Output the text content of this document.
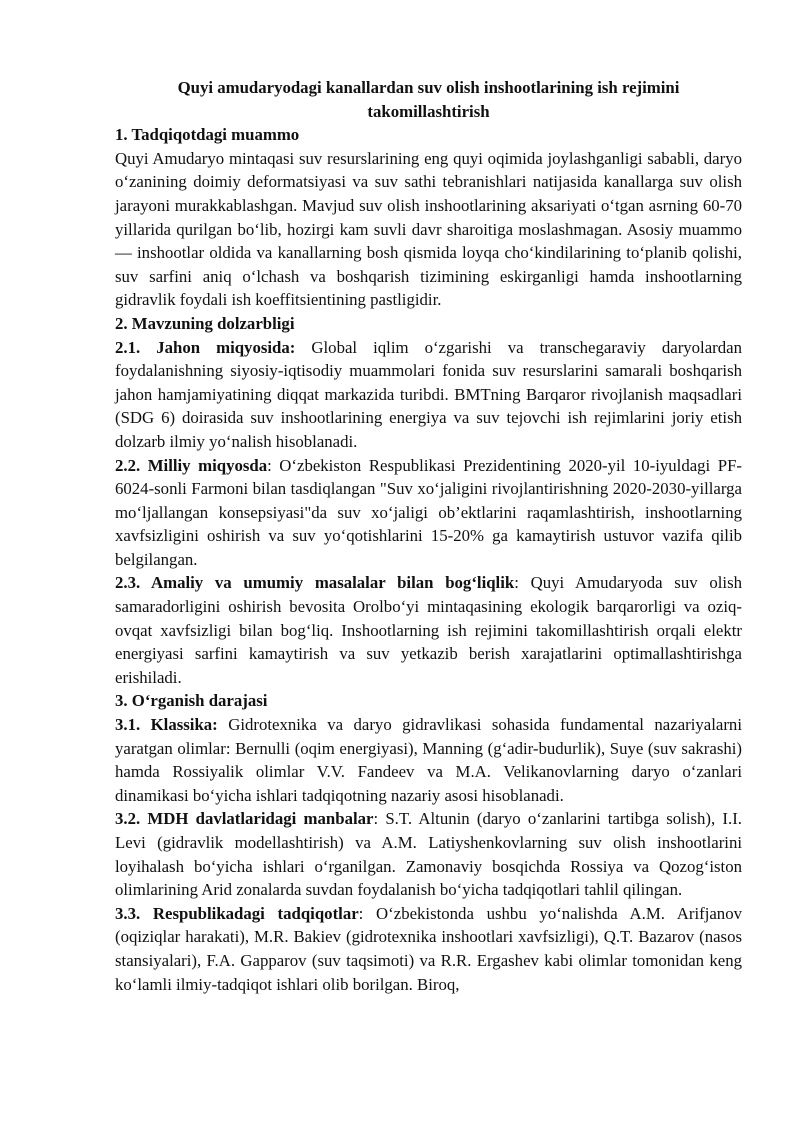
Quyi amudaryodagi kanallardan suv olish inshootlarining ish rejimini
takomillashtirish
1. Tadqiqotdagi muammo

Quyi Amudaryo mintaqasi suv resurslarining eng quyi oqimida joylashganligi sababli, daryo o‘zanining doimiy deformatsiyasi va suv sathi tebranishlari natijasida kanallarga suv olish jarayoni murakkablashgan. Mavjud suv olish inshootlarining aksariyati o‘tgan asrning 60-70 yillarida qurilgan bo‘lib, hozirgi kam suvli davr sharoitiga moslashmagan. Asosiy muammo — inshootlar oldida va kanallarning bosh qismida loyqa cho‘kindilarining to‘planib qolishi, suv sarfini aniq o‘lchash va boshqarish tizimining eskirganligi hamda inshootlarning gidravlik foydali ish koeffitsientining pastligidir.

2. Mavzuning dolzarbligi

2.1. Jahon miqyosida: Global iqlim o‘zgarishi va transchegaraviy daryolardan foydalanishning siyosiy-iqtisodiy muammolari fonida suv resurslarini samarali boshqarish jahon hamjamiyatining diqqat markazida turibdi. BMTning Barqaror rivojlanish maqsadlari (SDG 6) doirasida suv inshootlarining energiya va suv tejovchi ish rejimlarini joriy etish dolzarb ilmiy yo‘nalish hisoblanadi.

2.2. Milliy miqyosda: O‘zbekiston Respublikasi Prezidentining 2020-yil 10-iyuldagi PF-6024-sonli Farmoni bilan tasdiqlangan "Suv xo‘jaligini rivojlantirishning 2020-2030-yillarga mo‘ljallangan konsepsiyasi"da suv xo‘jaligi ob’ektlarini raqamlashtirish, inshootlarning xavfsizligini oshirish va suv yo‘qotishlarini 15-20% ga kamaytirish ustuvor vazifa qilib belgilangan.

2.3. Amaliy va umumiy masalalar bilan bog‘liqlik: Quyi Amudaryoda suv olish samaradorligini oshirish bevosita Orolbo‘yi mintaqasining ekologik barqarorligi va oziq-ovqat xavfsizligi bilan bog‘liq. Inshootlarning ish rejimini takomillashtirish orqali elektr energiyasi sarfini kamaytirish va suv yetkazib berish xarajatlarini optimallashtirishga erishiladi.

3. O‘rganish darajasi

3.1. Klassika: Gidrotexnika va daryo gidravlikasi sohasida fundamental nazariyalarni yaratgan olimlar: Bernulli (oqim energiyasi), Manning (g‘adir-budurlik), Suye (suv sakrashi) hamda Rossiyalik olimlar V.V. Fandeev va M.A. Velikanovlarning daryo o‘zanlari dinamikasi bo‘yicha ishlari tadqiqotning nazariy asosi hisoblanadi.

3.2. MDH davlatlaridagi manbalar: S.T. Altunin (daryo o‘zanlarini tartibga solish), I.I. Levi (gidravlik modellashtirish) va A.M. Latiyshenkovlarning suv olish inshootlarini loyihalash bo‘yicha ishlari o‘rganilgan. Zamonaviy bosqichda Rossiya va Qozog‘iston olimlarining Arid zonalarda suvdan foydalanish bo‘yicha tadqiqotlari tahlil qilingan.

3.3. Respublikadagi tadqiqotlar: O‘zbekistonda ushbu yo‘nalishda A.M. Arifjanov (oqiziqlar harakati), M.R. Bakiev (gidrotexnika inshootlari xavfsizligi), Q.T. Bazarov (nasos stansiyalari), F.A. Gapparov (suv taqsimoti) va R.R. Ergashev kabi olimlar tomonidan keng ko‘lamli ilmiy-tadqiqot ishlari olib borilgan. Biroq,
